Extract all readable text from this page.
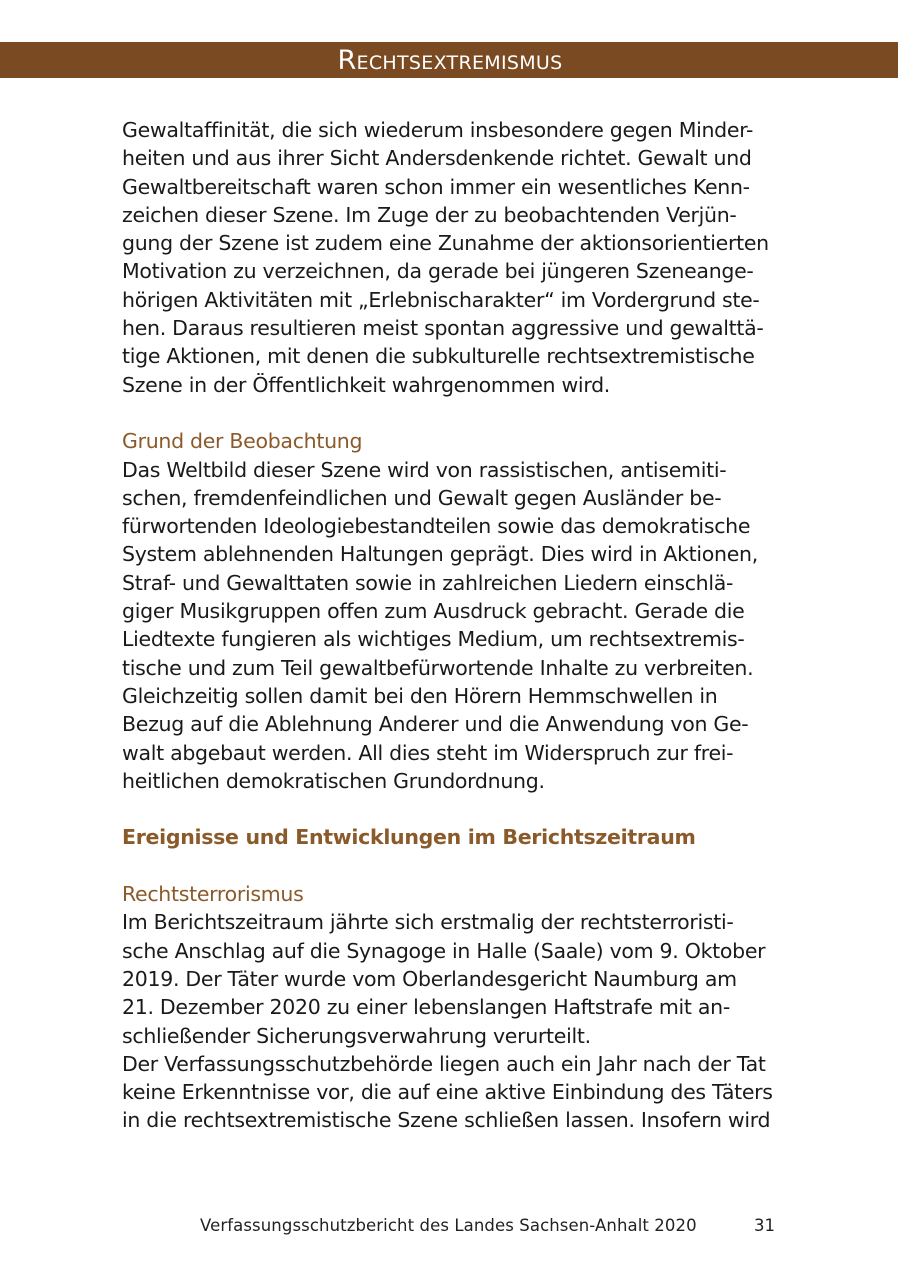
Rechtsextremismus
Gewaltaffinität, die sich wiederum insbesondere gegen Minder-
heiten und aus ihrer Sicht Andersdenkende richtet. Gewalt und
Gewaltbereitschaft waren schon immer ein wesentliches Kenn-
zeichen dieser Szene. Im Zuge der zu beobachtenden Verjün-
gung der Szene ist zudem eine Zunahme der aktionsorientierten
Motivation zu verzeichnen, da gerade bei jüngeren Szeneange-
hörigen Aktivitäten mit „Erlebnischarakter“ im Vordergrund ste-
hen. Daraus resultieren meist spontan aggressive und gewalttä-
tige Aktionen, mit denen die subkulturelle rechtsextremistische
Szene in der Öffentlichkeit wahrgenommen wird.
Grund der Beobachtung
Das Weltbild dieser Szene wird von rassistischen, antisemiti-
schen, fremdenfeindlichen und Gewalt gegen Ausländer be-
fürwortenden Ideologiebestandteilen sowie das demokratische
System ablehnenden Haltungen geprägt. Dies wird in Aktionen,
Straf- und Gewalttaten sowie in zahlreichen Liedern einschlä-
giger Musikgruppen offen zum Ausdruck gebracht. Gerade die
Liedtexte fungieren als wichtiges Medium, um rechtsextremis-
tische und zum Teil gewaltbefürwortende Inhalte zu verbreiten.
Gleichzeitig sollen damit bei den Hörern Hemmschwellen in
Bezug auf die Ablehnung Anderer und die Anwendung von Ge-
walt abgebaut werden. All dies steht im Widerspruch zur frei-
heitlichen demokratischen Grundordnung.
Ereignisse und Entwicklungen im Berichtszeitraum
Rechtsterrorismus
Im Berichtszeitraum jährte sich erstmalig der rechtsterroristi-
sche Anschlag auf die Synagoge in Halle (Saale) vom 9. Oktober
2019. Der Täter wurde vom Oberlandesgericht Naumburg am
21. Dezember 2020 zu einer lebenslangen Haftstrafe mit an-
schließender Sicherungsverwahrung verurteilt.
Der Verfassungsschutzbehörde liegen auch ein Jahr nach der Tat
keine Erkenntnisse vor, die auf eine aktive Einbindung des Täters
in die rechtsextremistische Szene schließen lassen. Insofern wird
Verfassungsschutzbericht des Landes Sachsen-Anhalt 2020	31
